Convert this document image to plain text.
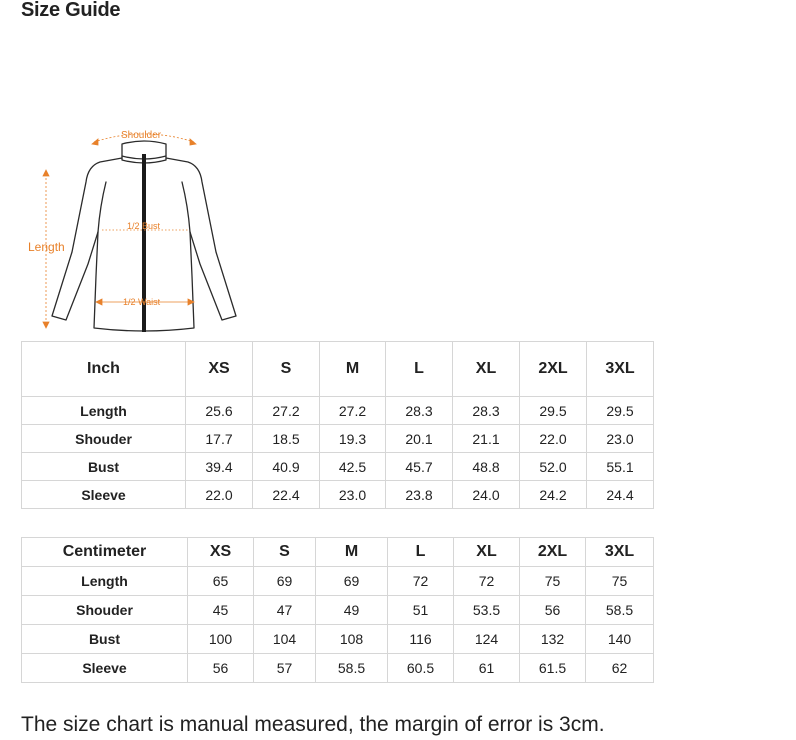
Size Guide
Shoulder
Length
1/2 Bust
1/2 Waist
Inch	XS	S	M	L	XL	2XL	3XL
Length	25.6	27.2	27.2	28.3	28.3	29.5	29.5
Shouder	17.7	18.5	19.3	20.1	21.1	22.0	23.0
Bust	39.4	40.9	42.5	45.7	48.8	52.0	55.1
Sleeve	22.0	22.4	23.0	23.8	24.0	24.2	24.4
Centimeter	XS	S	M	L	XL	2XL	3XL
Length	65	69	69	72	72	75	75
Shouder	45	47	49	51	53.5	56	58.5
Bust	100	104	108	116	124	132	140
Sleeve	56	57	58.5	60.5	61	61.5	62
The size chart is manual measured, the margin of error is 3cm.
